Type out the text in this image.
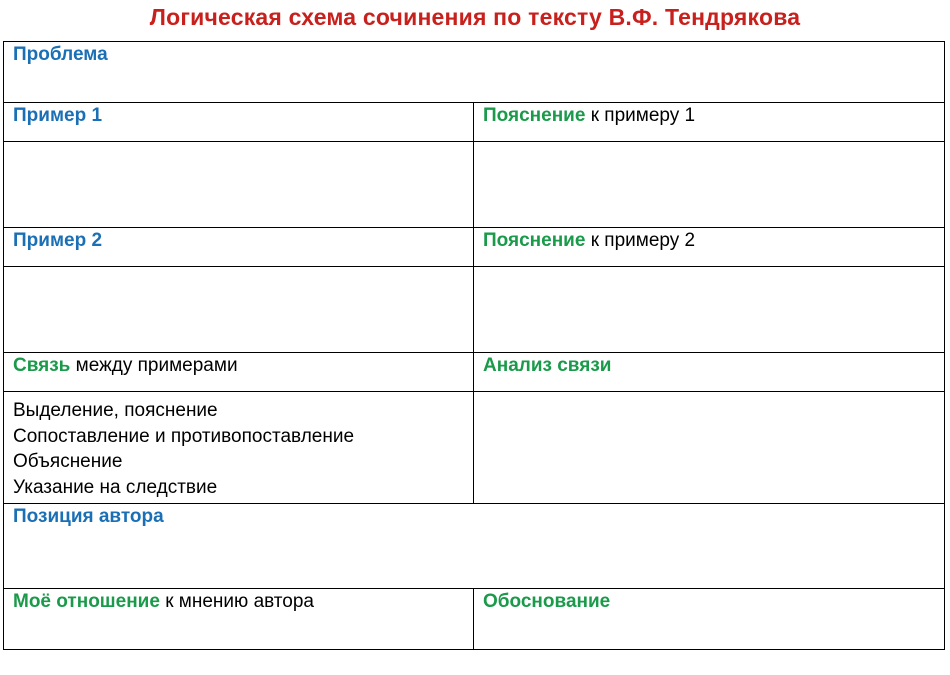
Логическая схема сочинения по тексту В.Ф. Тендрякова
Проблема	
Пример 1	Пояснение к примеру 1

Пример 2	Пояснение к примеру 2

Связь между примерами	Анализ связи

Выделение, пояснение
Сопоставление и противопоставление
Объяснение
Указание на следствие	

Позиция автора	
Моё отношение к мнению автора	Обоснование
